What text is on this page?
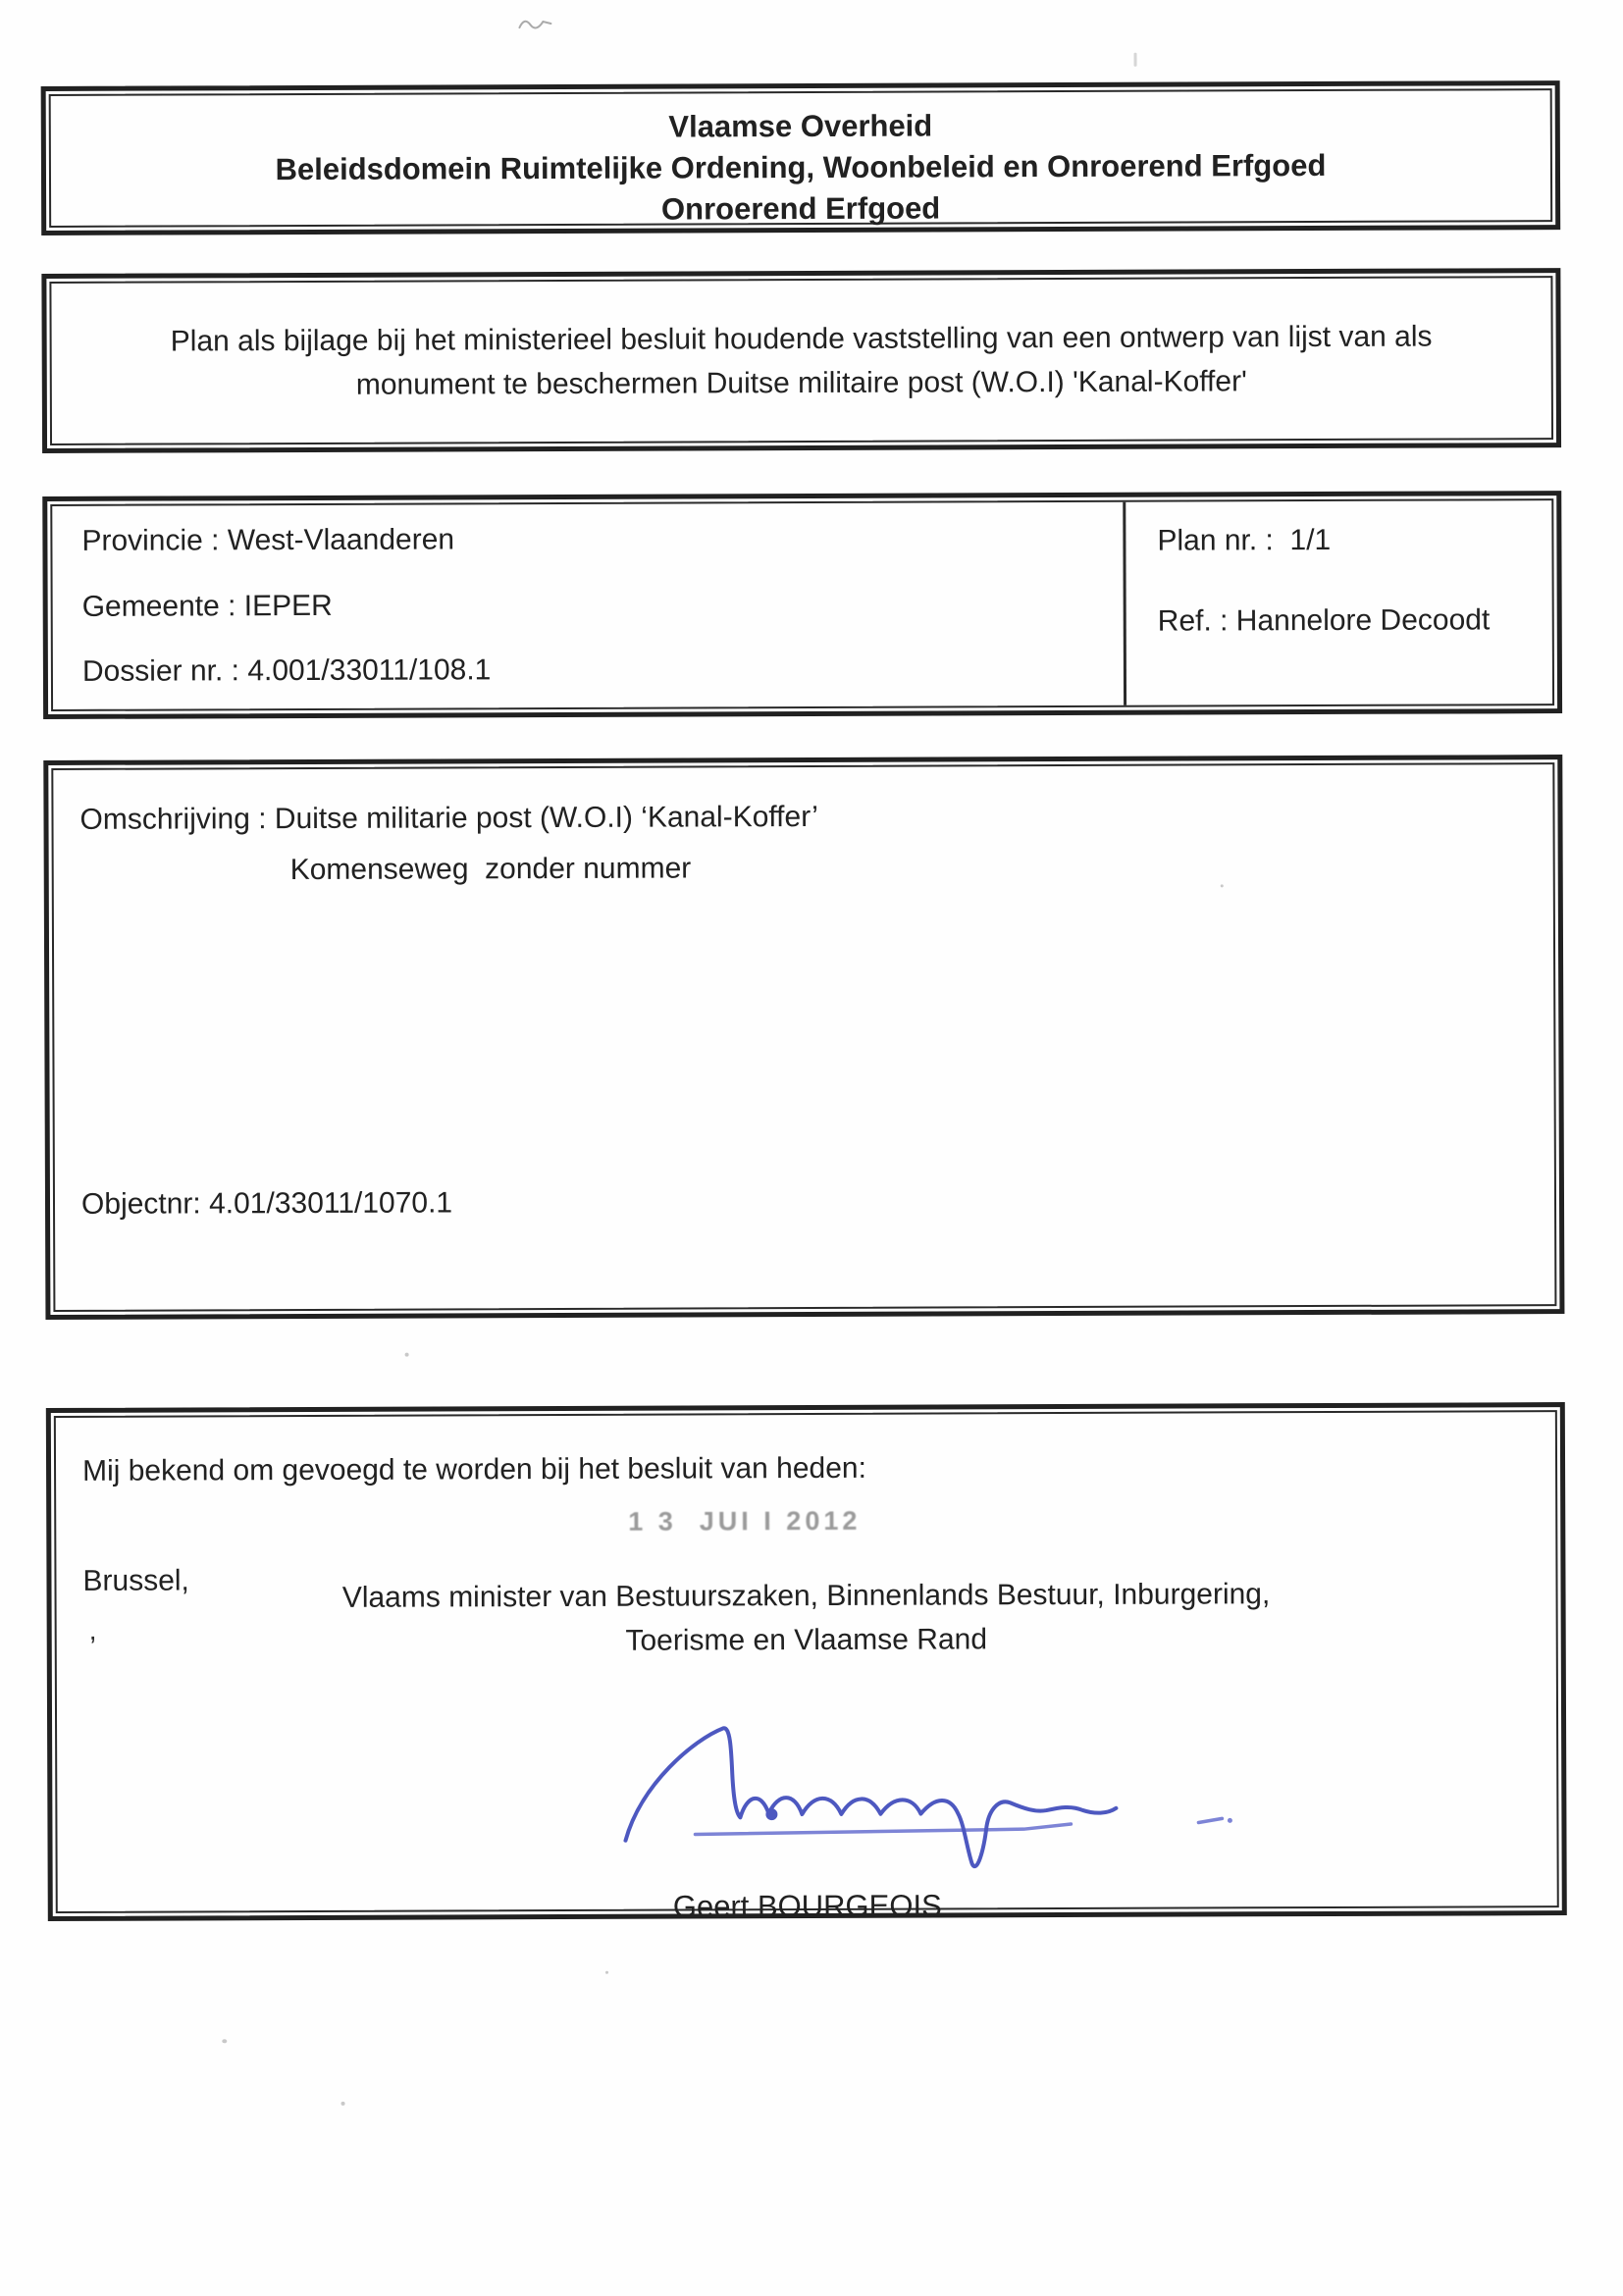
Vlaamse Overheid
Beleidsdomein Ruimtelijke Ordening, Woonbeleid en Onroerend Erfgoed
Onroerend Erfgoed
Plan als bijlage bij het ministerieel besluit houdende vaststelling van een ontwerp van lijst van als
monument te beschermen Duitse militaire post (W.O.I) 'Kanal-Koffer'
Provincie : West-Vlaanderen
Gemeente : IEPER
Dossier nr. : 4.001/33011/108.1
Plan nr. :  1/1
Ref. : Hannelore Decoodt
Omschrijving : Duitse militarie post (W.O.I) ‘Kanal-Koffer’
Komenseweg  zonder nummer
Objectnr: 4.01/33011/1070.1
Mij bekend om gevoegd te worden bij het besluit van heden:
1 3  JUI I 2012
Brussel,
,
Vlaams minister van Bestuurszaken, Binnenlands Bestuur, Inburgering,
Toerisme en Vlaamse Rand
Geert BOURGEOIS
